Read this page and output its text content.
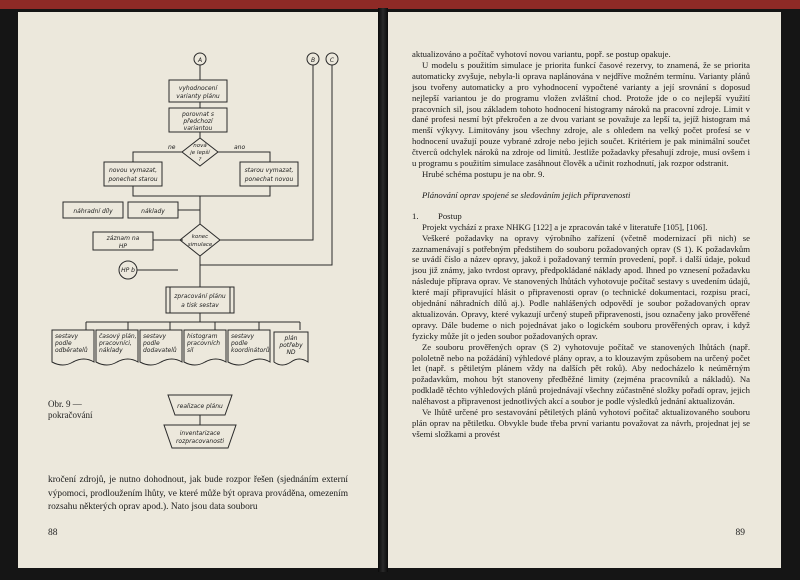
A	B C
vyhodnocení
varianty plánu
porovnat s
předchozí
variantou
nová
je lepší
?
ne	ano
novou vymazat,
ponechat starou
starou vymazat,
ponechat novou
náhradní díly	náklady
záznam na
HP
konec
simulace
HP b
zpracování plánu
a tisk sestav
sestavy
podle
odběratelů
časový plán,
pracovníci,
náklady
sestavy
podle
dodavatelů
histogram
pracovních
sil
sestavy
podle
koordinátorů
plán
potřeby
ND
realizace plánu
inventarizace
rozpracovanosti
Obr. 9 —
pokračování

kročení zdrojů, je nutno dohodnout, jak bude rozpor řešen (sjednáním externí výpomoci, prodloužením lhůty, ve které může být oprava prováděna, omezením rozsahu některých oprav apod.). Nato jsou data souboru

88

aktualizováno a počítač vyhotoví novou variantu, popř. se postup opakuje.

U modelu s použitím simulace je priorita funkcí časové rezervy, to znamená, že se priorita automaticky zvyšuje, nebyla-li oprava naplánována v nejdříve možném termínu. Varianty plánů jsou tvořeny automaticky a pro vyhodnocení vypočtené varianty a její srovnání s doposud nejlepší variantou je do programu vložen zvláštní chod. Protože jde o co nejlepší využití pracovních sil, jsou základem tohoto hodnocení histogramy nároků na pracovní zdroje. Limit v dané profesi nesmí být překročen a ze dvou variant se považuje za lepší ta, jejíž histogram má menší výkyvy. Limitovány jsou všechny zdroje, ale s ohledem na velký počet profesí se v hodnocení uvažují pouze vybrané zdroje nebo jejich součet. Kritériem je pak minimální součet čtverců odchylek nároků na zdroje od limitů. Jestliže požadavky přesahují zdroje, musí ovšem i u programu s použitím simulace zasáhnout člověk a učinit rozhodnutí, jak rozpor odstranit.

Hrubé schéma postupu je na obr. 9.

Plánování oprav spojené se sledováním jejich připravenosti

1. Postup

Projekt vychází z praxe NHKG [122] a je zpracován také v literatuře [105], [106].

Veškeré požadavky na opravy výrobního zařízení (včetně modernizací při nich) se zaznamenávají s potřebným předstihem do souboru požadovaných oprav (S 1). K požadavkům se uvádí číslo a název opravy, jakož i požadovaný termín provedení, popř. i další údaje, pokud jsou již známy, jako tvrdost opravy, předpokládané náklady apod. Ihned po vznesení požadavku následuje příprava oprav. Ve stanovených lhůtách vyhotovuje počítač sestavy s uvedením údajů, které mají připravující hlásit o připravenosti oprav (o technické dokumentaci, rozpisu prací, objednání náhradních dílů aj.). Podle nahlášených odpovědí je soubor požadovaných oprav aktualizován. Opravy, které vykazují určený stupeň připravenosti, jsou označeny jako prověřené opravy. Dále budeme o nich pojednávat jako o logickém souboru prověřených oprav, i když fyzicky může jít o jeden soubor požadovaných oprav.

Ze souboru prověřených oprav (S 2) vyhotovuje počítač ve stanovených lhůtách (např. pololetně nebo na požádání) výhledové plány oprav, a to klouzavým způsobem na určený počet let (např. s pětiletým plánem vždy na dalších pět roků). Aby nedocházelo k neúměrným požadavkům, mohou být stanoveny předběžné limity (zejména pracovníků a nákladů). Na podkladě těchto výhledových plánů projednávají všechny zúčastněné složky pořadí oprav, jejich naléhavost a připravenost jednotlivých akcí a soubor je podle výsledků jednání aktualizován.

Ve lhůtě určené pro sestavování pětiletých plánů vyhotoví počítač aktualizovaného souboru plán oprav na pětiletku. Obvykle bude třeba první variantu považovat za návrh, projednat jej se všemi složkami a provést

89
